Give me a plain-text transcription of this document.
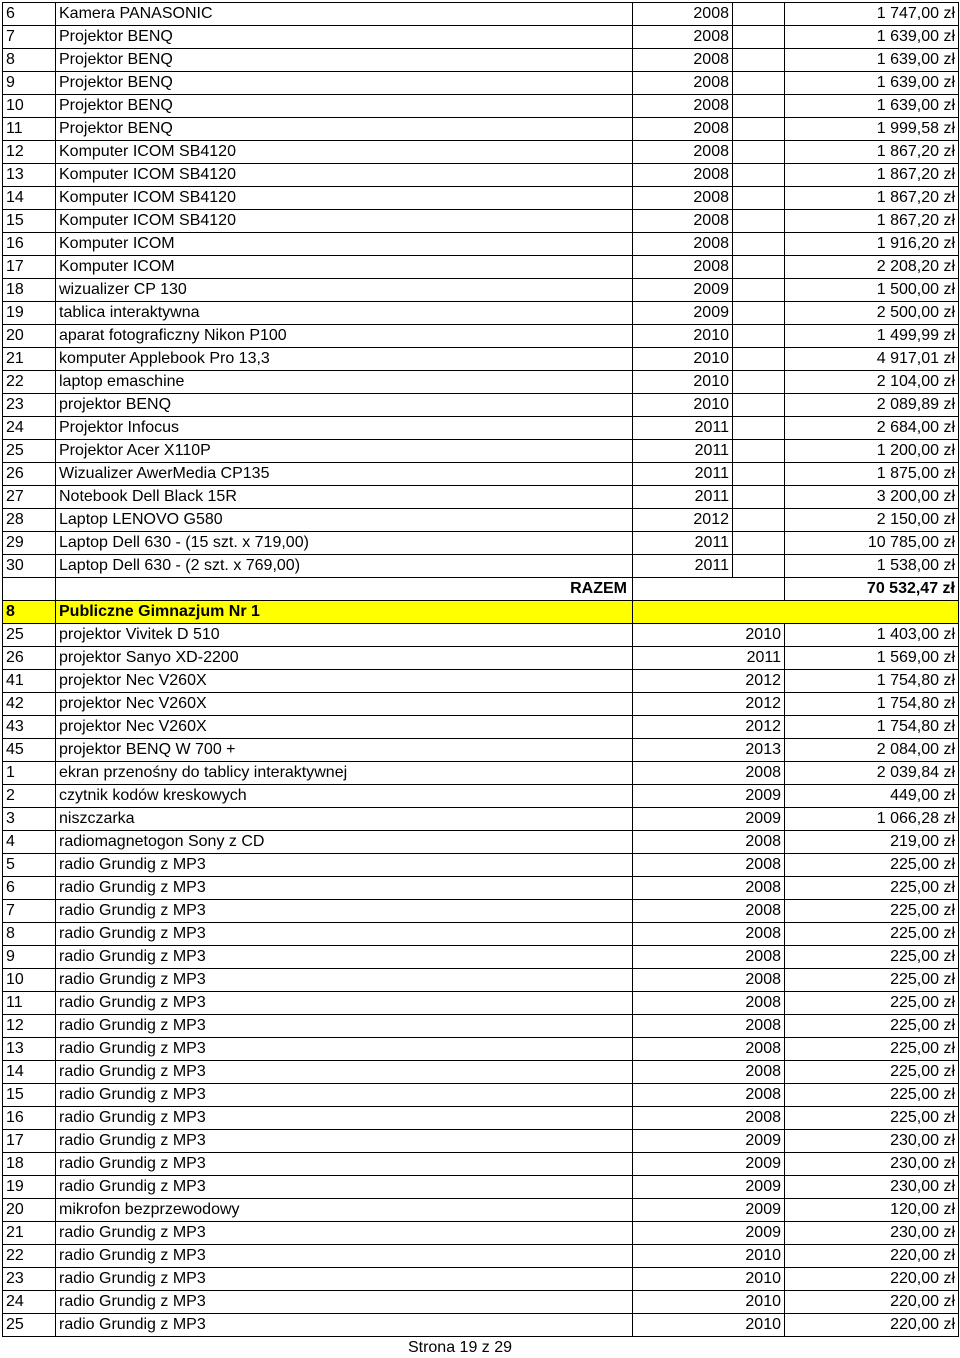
6	Kamera PANASONIC	2008		1 747,00 zł
7	Projektor BENQ	2008		1 639,00 zł
8	Projektor BENQ	2008		1 639,00 zł
9	Projektor BENQ	2008		1 639,00 zł
10	Projektor BENQ	2008		1 639,00 zł
11	Projektor BENQ	2008		1 999,58 zł
12	Komputer ICOM SB4120	2008		1 867,20 zł
13	Komputer ICOM SB4120	2008		1 867,20 zł
14	Komputer ICOM SB4120	2008		1 867,20 zł
15	Komputer ICOM SB4120	2008		1 867,20 zł
16	Komputer ICOM	2008		1 916,20 zł
17	Komputer ICOM	2008		2 208,20 zł
18	wizualizer CP 130	2009		1 500,00 zł
19	tablica interaktywna	2009		2 500,00 zł
20	aparat fotograficzny Nikon P100	2010		1 499,99 zł
21	komputer Applebook Pro 13,3	2010		4 917,01 zł
22	laptop emaschine	2010		2 104,00 zł
23	projektor BENQ	2010		2 089,89 zł
24	Projektor Infocus	2011		2 684,00 zł
25	Projektor Acer X110P	2011		1 200,00 zł
26	Wizualizer AwerMedia CP135	2011		1 875,00 zł
27	Notebook Dell Black 15R	2011		3 200,00 zł
28	Laptop LENOVO G580	2012		2 150,00 zł
29	Laptop Dell 630 - (15 szt. x 719,00)	2011		10 785,00 zł
30	Laptop Dell 630 - (2 szt. x 769,00)	2011		1 538,00 zł
	RAZEM			70 532,47 zł
8	Publiczne Gimnazjum Nr 1			
25	projektor Vivitek D 510		2010	1 403,00 zł
26	projektor Sanyo XD-2200		2011	1 569,00 zł
41	projektor Nec V260X		2012	1 754,80 zł
42	projektor Nec V260X		2012	1 754,80 zł
43	projektor Nec V260X		2012	1 754,80 zł
45	projektor BENQ W 700 +		2013	2 084,00 zł
1	ekran przenośny do tablicy interaktywnej		2008	2 039,84 zł
2	czytnik kodów kreskowych		2009	449,00 zł
3	niszczarka		2009	1 066,28 zł
4	radiomagnetogon Sony z CD		2008	219,00 zł
5	radio Grundig z MP3		2008	225,00 zł
6	radio Grundig z MP3		2008	225,00 zł
7	radio Grundig z MP3		2008	225,00 zł
8	radio Grundig z MP3		2008	225,00 zł
9	radio Grundig z MP3		2008	225,00 zł
10	radio Grundig z MP3		2008	225,00 zł
11	radio Grundig z MP3		2008	225,00 zł
12	radio Grundig z MP3		2008	225,00 zł
13	radio Grundig z MP3		2008	225,00 zł
14	radio Grundig z MP3		2008	225,00 zł
15	radio Grundig z MP3		2008	225,00 zł
16	radio Grundig z MP3		2008	225,00 zł
17	radio Grundig z MP3		2009	230,00 zł
18	radio Grundig z MP3		2009	230,00 zł
19	radio Grundig z MP3		2009	230,00 zł
20	mikrofon bezprzewodowy		2009	120,00 zł
21	radio Grundig z MP3		2009	230,00 zł
22	radio Grundig z MP3		2010	220,00 zł
23	radio Grundig z MP3		2010	220,00 zł
24	radio Grundig z MP3		2010	220,00 zł
25	radio Grundig z MP3		2010	220,00 zł
Strona 19 z 29
